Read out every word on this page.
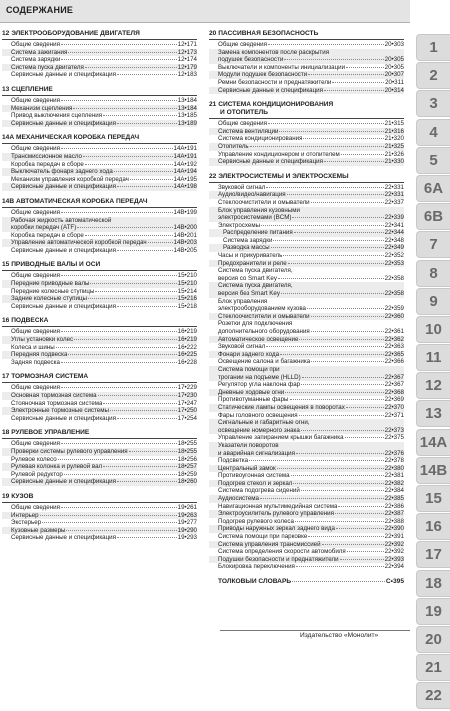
СОДЕРЖАНИЕ
12 ЭЛЕКТРООБОРУДОВАНИЕ ДВИГАТЕЛЯ
Общие сведения	12•171
Система зажигания	12•173
Система зарядки	12•174
Система пуска двигателя	12•179
Сервисные данные и спецификация	12•183
13 СЦЕПЛЕНИЕ
Общие сведения	13•184
Механизм сцепления	13•184
Привод выключения сцепления	13•185
Сервисные данные и спецификация	13•189
14А МЕХАНИЧЕСКАЯ КОРОБКА ПЕРЕДАЧ
Общие сведения	14А•191
Трансмиссионное масло	14А•191
Коробка передач в сборе	14А•192
Выключатель фонаря заднего хода	14А•194
Механизм управления коробкой передач	14А•195
Сервисные данные и спецификация	14А•198
14В АВТОМАТИЧЕСКАЯ КОРОБКА ПЕРЕДАЧ
Общие сведения	14В•199
Рабочая жидкость автоматической
коробки передач (ATF)	14В•200
Коробка передач в сборе	14В•201
Управление автоматической коробкой передач	14В•203
Сервисные данные и спецификация	14В•205
15 ПРИВОДНЫЕ ВАЛЫ И ОСИ
Общие сведения	15•210
Передние приводные валы	15•210
Передние колесные ступицы	15•214
Задние колесные ступицы	15•216
Сервисные данные и спецификация	15•218
16 ПОДВЕСКА
Общие сведения	16•219
Углы установки колес	16•219
Колеса и шины	16•222
Передняя подвеска	16•225
Задняя подвеска	16•228
17 ТОРМОЗНАЯ СИСТЕМА
Общие сведения	17•229
Основная тормозная система	17•230
Стояночная тормозная система	17•247
Электронные тормозные системы	17•250
Сервисные данные и спецификация	17•254
18 РУЛЕВОЕ УПРАВЛЕНИЕ
Общие сведения	18•255
Проверки системы рулевого управления	18•255
Рулевое колесо	18•256
Рулевая колонка и рулевой вал	18•257
Рулевой редуктор	18•259
Сервисные данные и спецификация	18•260
19 КУЗОВ
Общие сведения	19•261
Интерьер	19•263
Экстерьер	19•277
Кузовные размеры	19•290
Сервисные данные и спецификация	19•293
20 ПАССИВНАЯ БЕЗОПАСНОСТЬ
Общие сведения	20•303
Замена компонентов после раскрытия
подушек безопасности	20•305
Выключатели и компоненты инициализации	20•305
Модули подушек безопасности	20•307
Ремни безопасности и преднатяжители	20•311
Сервисные данные и спецификация	20•314
21 СИСТЕМА КОНДИЦИОНИРОВАНИЯ
И ОТОПИТЕЛЬ
Общие сведения	21•315
Система вентиляции	21•316
Система кондиционирования	21•320
Отопитель	21•325
Управление кондиционером и отопителем	21•326
Сервисные данные и спецификация	21•330
22 ЭЛЕКТРОСИСТЕМЫ И ЭЛЕКТРОСХЕМЫ
Звуковой сигнал	22•331
Аудио/видео/навигация	22•331
Стеклоочистители и омыватели	22•337
Блок управления кузовными
электросистемами (BCM)	22•339
Электросхемы	22•341
Распределение питания	22•344
Система зарядки	22•348
Разводка массы	22•349
Часы и прикуриватель	22•352
Предохранители и реле	22•353
Система пуска двигателя,
версия со Smart Key	22•358
Система пуска двигателя,
версия без Smart Key	22•358
Блок управления
электрооборудованием кузова	22•359
Стеклоочистители и омыватели	22•360
Розетки для подключения
дополнительного оборудования	22•361
Автоматическое освещение	22•362
Звуковой сигнал	22•363
Фонари заднего хода	22•365
Освещение салона и багажника	22•366
Система помощи при
трогании на подъеме (HLLD)	22•367
Регулятор угла наклона фар	22•367
Дневные ходовые огни	22•368
Противотуманные фары	22•369
Статические лампы освещения в поворотах	22•370
Фары головного освещения	22•371
Сигнальные и габаритные огни,
освещение номерного знака	22•373
Управление запиранием крышки багажника	22•375
Указатели поворотов
и аварийная сигнализация	22•376
Подсветка	22•378
Центральный замок	22•380
Противоугонная система	22•381
Подогрев стекол и зеркал	22•382
Система подогрева сидений	22•384
Аудиосистема	22•385
Навигационная мультимедийная система	22•386
Электроусилитель рулевого управления	22•387
Подогрев рулевого колеса	22•388
Приводы наружных зеркал заднего вида	22•390
Система помощи при парковке	22•391
Система управления трансмиссией	22•392
Система определения скорости автомобиля	22•392
Подушки безопасности и преднатяжители	22•393
Блокировка переключения	22•394
ТОЛКОВЫЙ СЛОВАРЬ	С•395
1
2
3
4
5
6А
6В
7
8
9
10
11
12
13
14А
14В
15
16
17
18
19
20
21
22
Издательство «Монолит»
